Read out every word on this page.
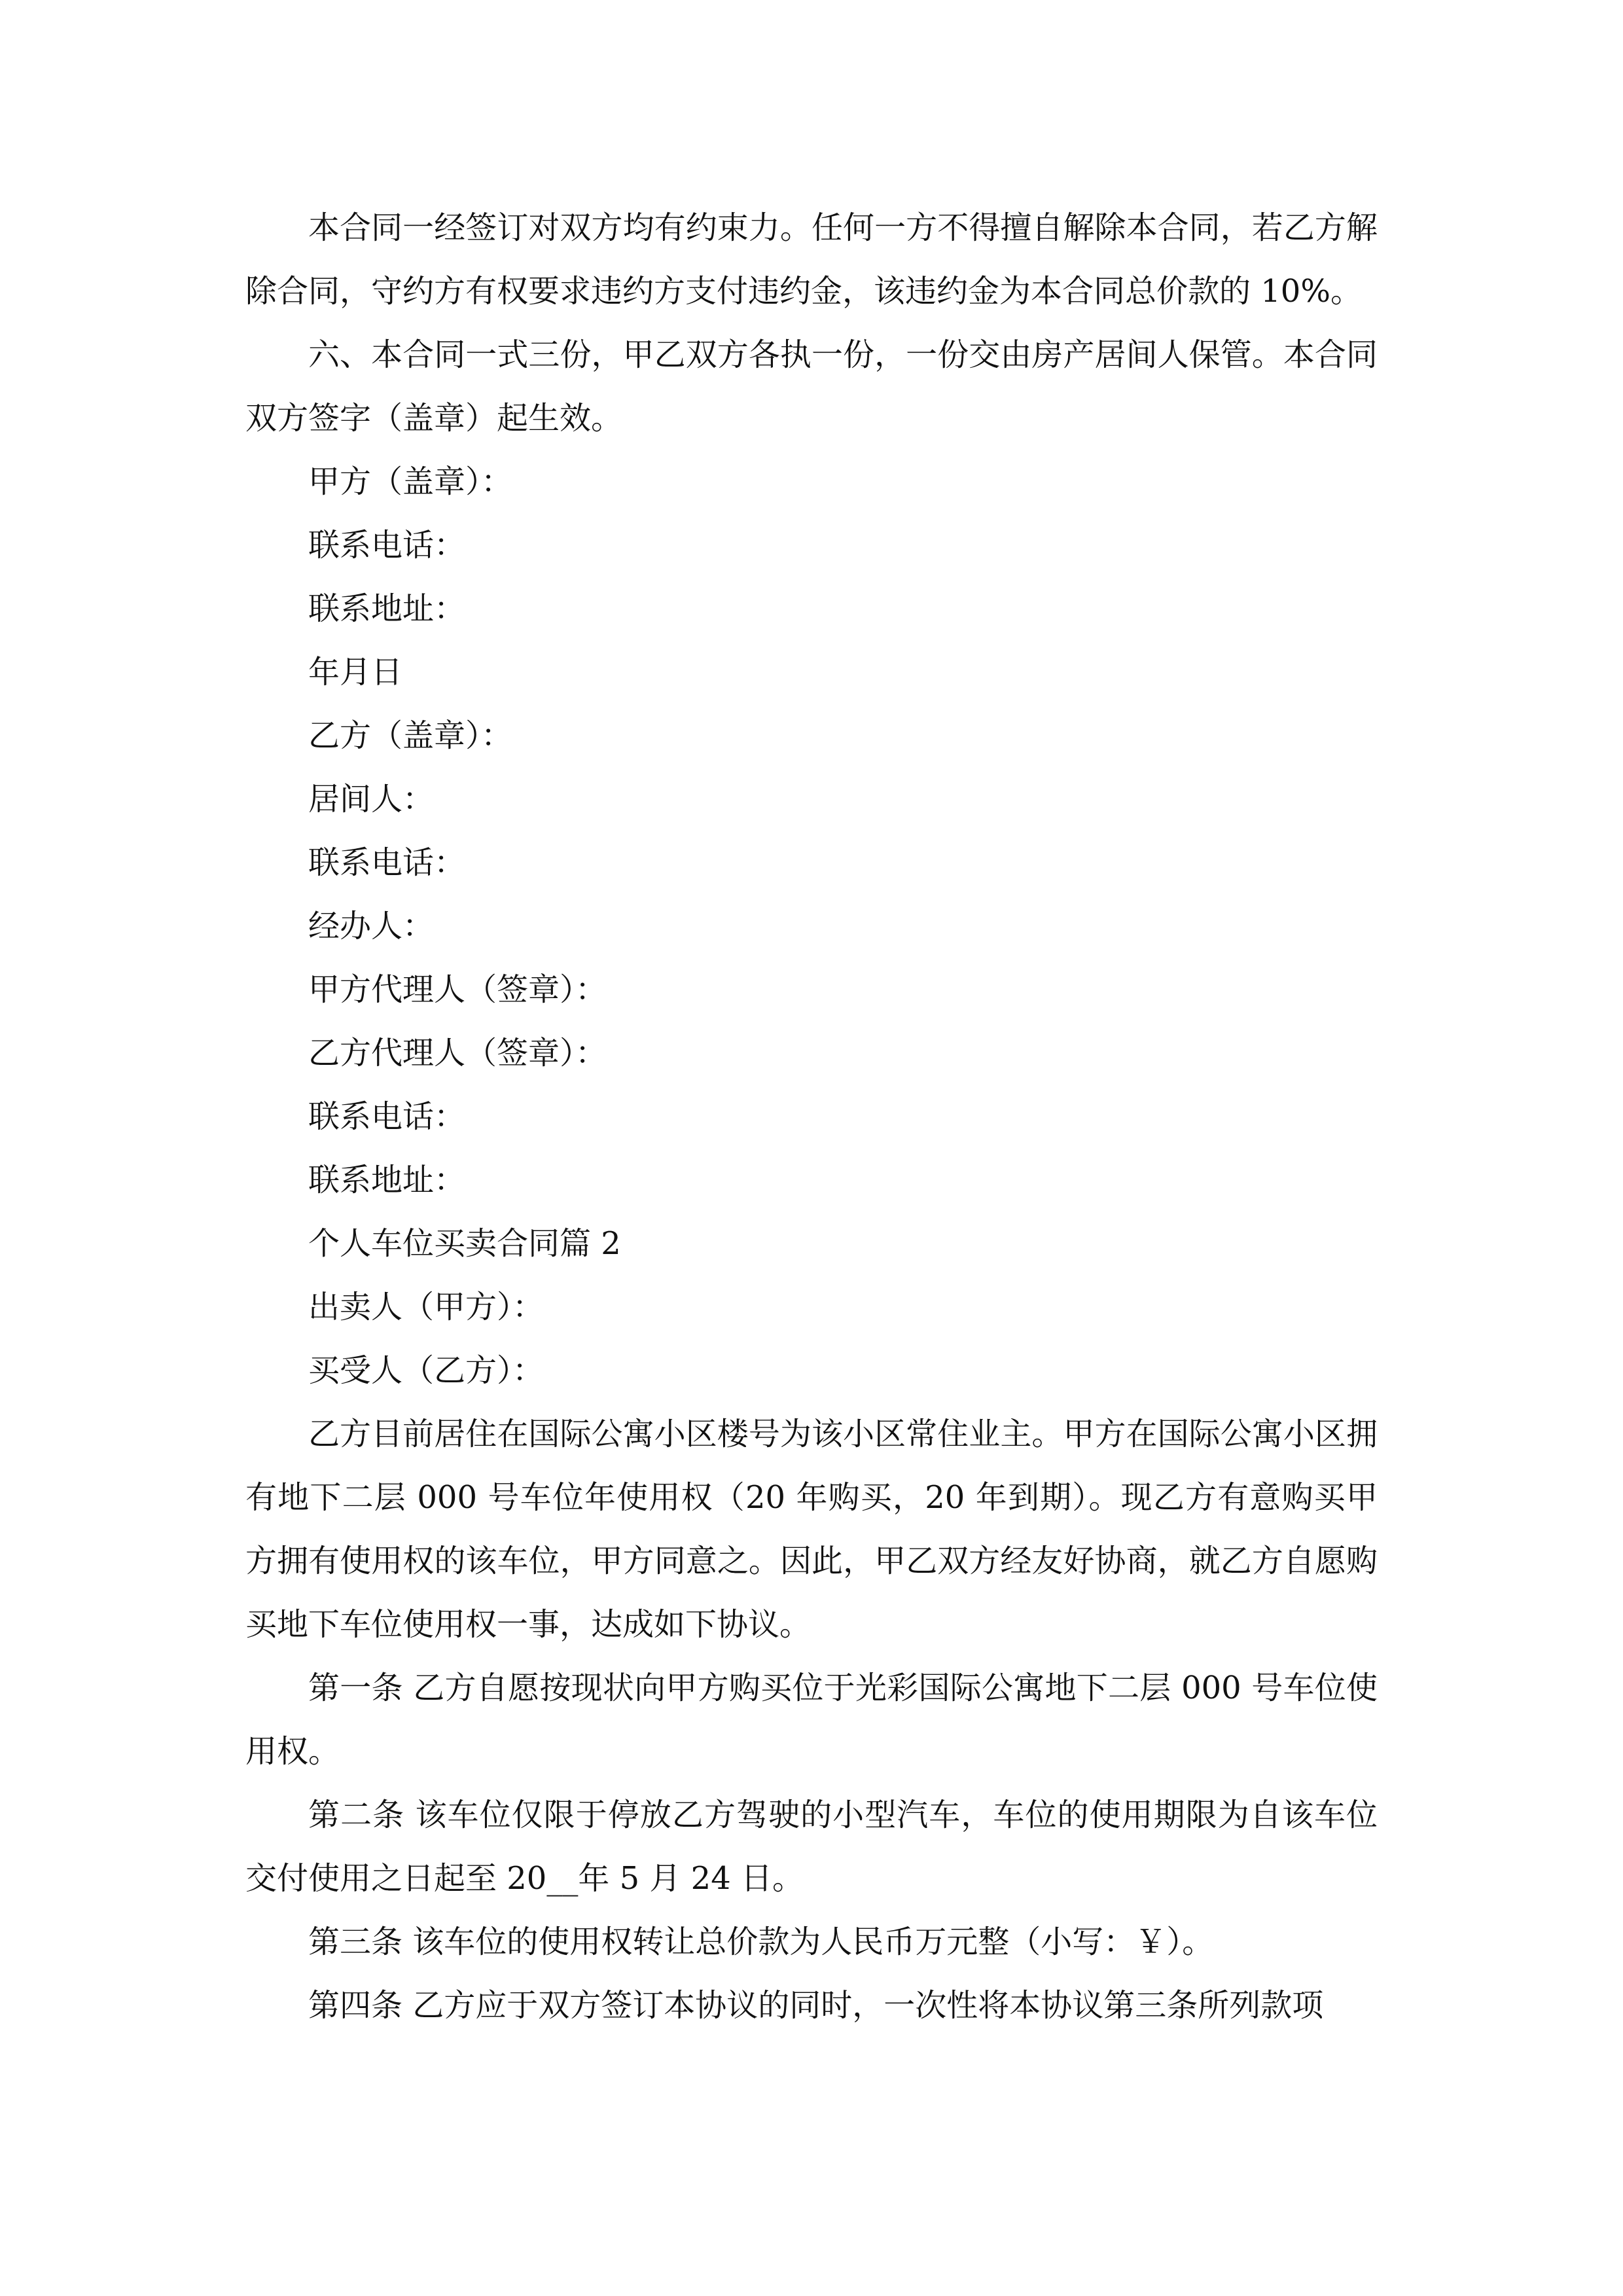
本合同一经签订对双方均有约束力。任何一方不得擅自解除本合同，若乙方解除合同，守约方有权要求违约方支付违约金，该违约金为本合同总价款的 10%。

六、本合同一式三份，甲乙双方各执一份，一份交由房产居间人保管。本合同双方签字（盖章）起生效。

甲方（盖章）：

联系电话：

联系地址：

年月日

乙方（盖章）：

居间人：

联系电话：

经办人：

甲方代理人（签章）：

乙方代理人（签章）：

联系电话：

联系地址：

个人车位买卖合同篇 2

出卖人（甲方）：

买受人（乙方）：

乙方目前居住在国际公寓小区楼号为该小区常住业主。甲方在国际公寓小区拥有地下二层 000 号车位年使用权（20 年购买，20 年到期）。现乙方有意购买甲方拥有使用权的该车位，甲方同意之。因此，甲乙双方经友好协商，就乙方自愿购买地下车位使用权一事，达成如下协议。

第一条 乙方自愿按现状向甲方购买位于光彩国际公寓地下二层 000 号车位使用权。

第二条 该车位仅限于停放乙方驾驶的小型汽车，车位的使用期限为自该车位交付使用之日起至 20__年 5 月 24 日。

第三条 该车位的使用权转让总价款为人民币万元整（小写：￥）。

第四条 乙方应于双方签订本协议的同时，一次性将本协议第三条所列款项
